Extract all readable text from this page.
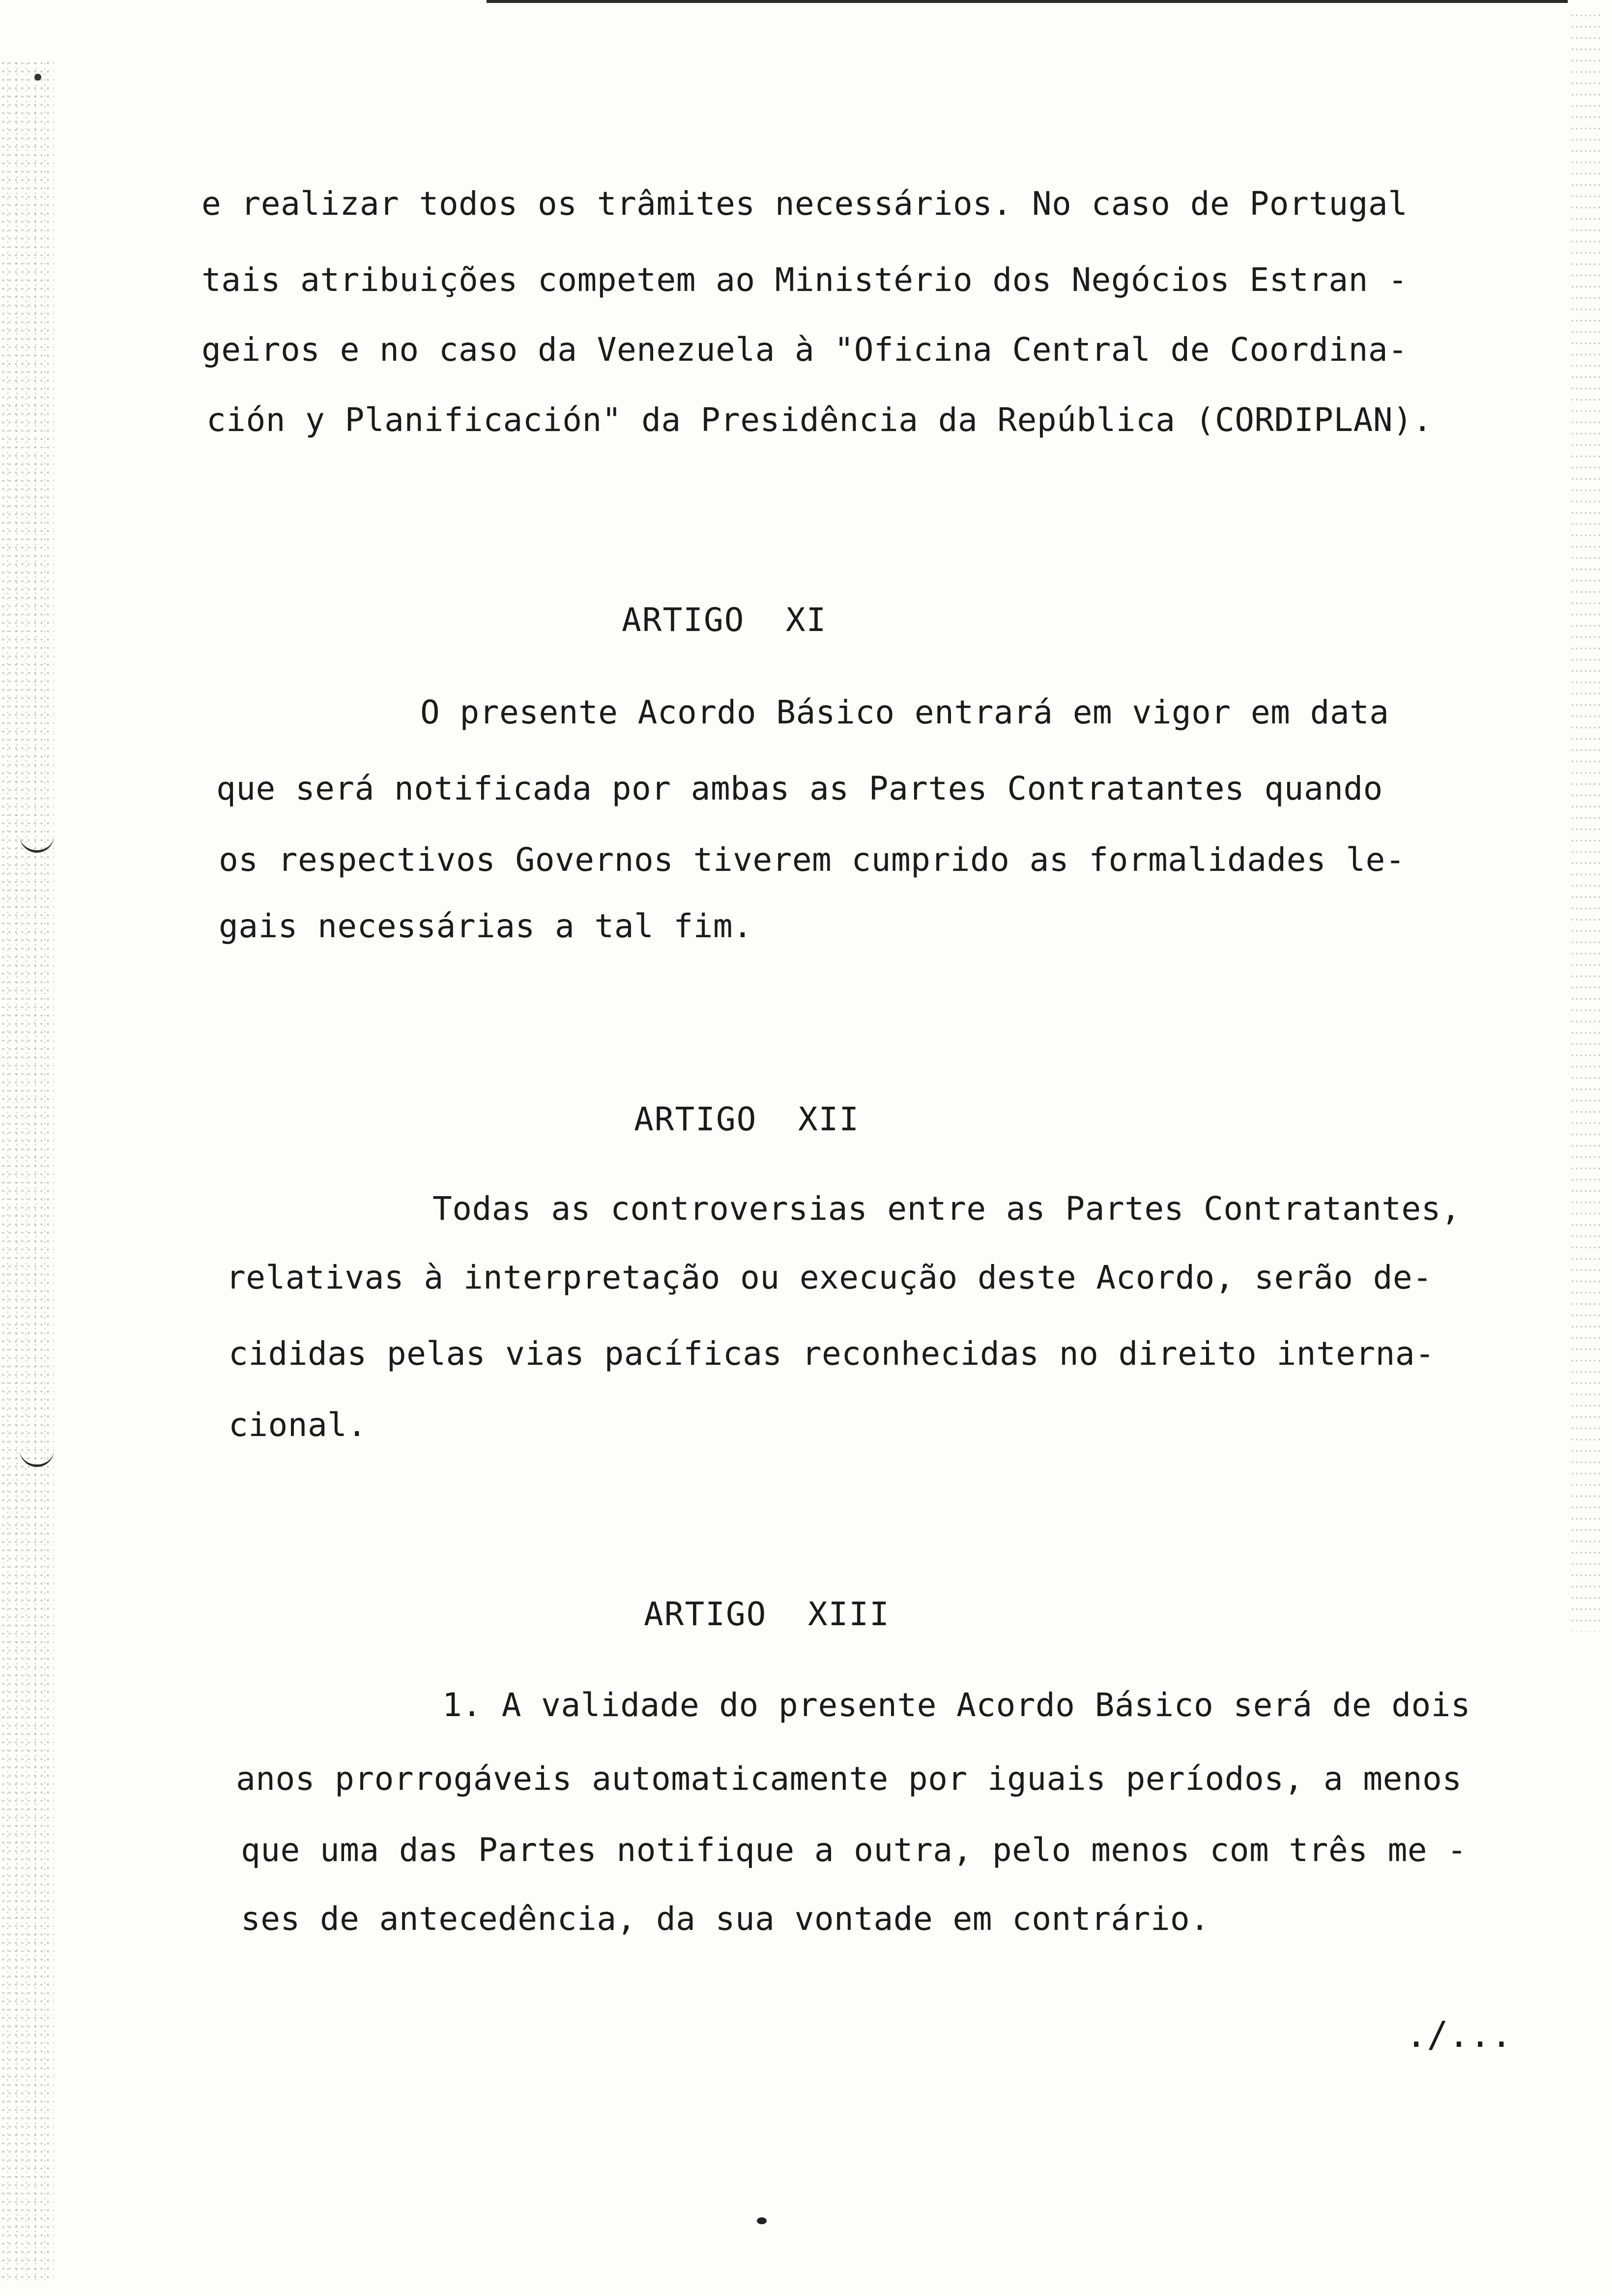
e realizar todos os trâmites necessários. No caso de Portugal
tais atribuições competem ao Ministério dos Negócios Estran -
geiros e no caso da Venezuela à "Oficina Central de Coordina-
ción y Planificación" da Presidência da República (CORDIPLAN).
ARTIGO  XI
O presente Acordo Básico entrará em vigor em data
que será notificada por ambas as Partes Contratantes quando
os respectivos Governos tiverem cumprido as formalidades le-
gais necessárias a tal fim.
ARTIGO  XII
Todas as controversias entre as Partes Contratantes,
relativas à interpretação ou execução deste Acordo, serão de-
cididas pelas vias pacíficas reconhecidas no direito interna-
cional.
ARTIGO  XIII
1. A validade do presente Acordo Básico será de dois
anos prorrogáveis automaticamente por iguais períodos, a menos
que uma das Partes notifique a outra, pelo menos com três me -
ses de antecedência, da sua vontade em contrário.
./...
